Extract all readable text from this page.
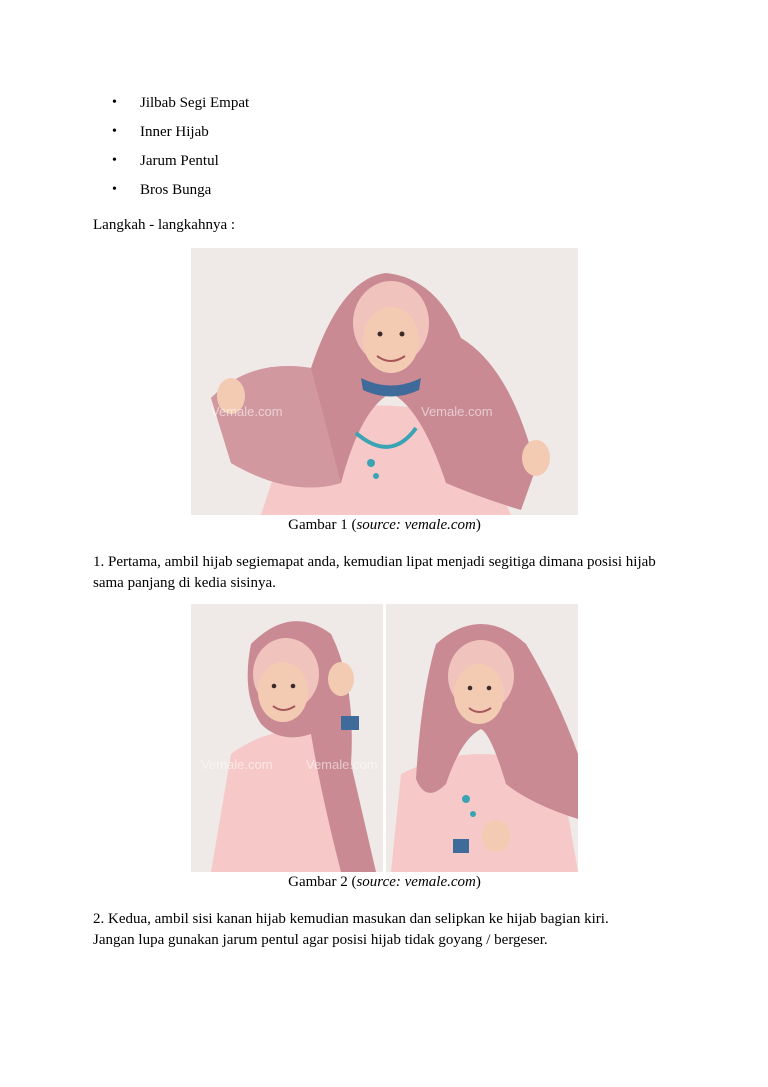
• Jilbab Segi Empat
• Inner Hijab
• Jarum Pentul
• Bros Bunga
Langkah - langkahnya :
Vemale.com	Vemale.com
Gambar 1 (source: vemale.com)
1. Pertama, ambil hijab segiemapat anda, kemudian lipat menjadi segitiga dimana posisi hijab
sama panjang di kedia sisinya.
Vemale.com	Vemale.com
Gambar 2 (source: vemale.com)
2. Kedua, ambil sisi kanan hijab kemudian masukan dan selipkan ke hijab bagian kiri.
Jangan lupa gunakan jarum pentul agar posisi hijab tidak goyang / bergeser.
